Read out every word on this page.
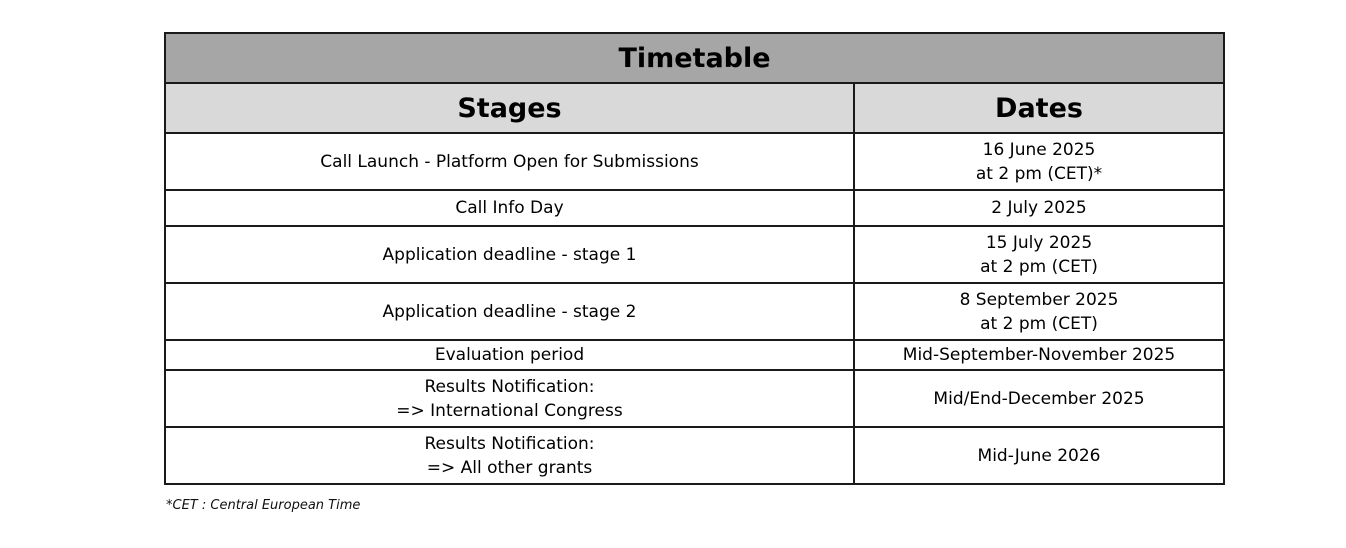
Timetable	
Stages	Dates

Call Launch - Platform Open for Submissions	16 June 2025
at 2 pm (CET)*

Call Info Day	2 July 2025

Application deadline - stage 1	15 July 2025
at 2 pm (CET)

Application deadline - stage 2	8 September 2025
at 2 pm (CET)

Evaluation period	Mid-September-November 2025

Results Notification:
=> International Congress	Mid/End-December 2025

Results Notification:
=> All other grants	Mid-June 2026
*CET : Central European Time
